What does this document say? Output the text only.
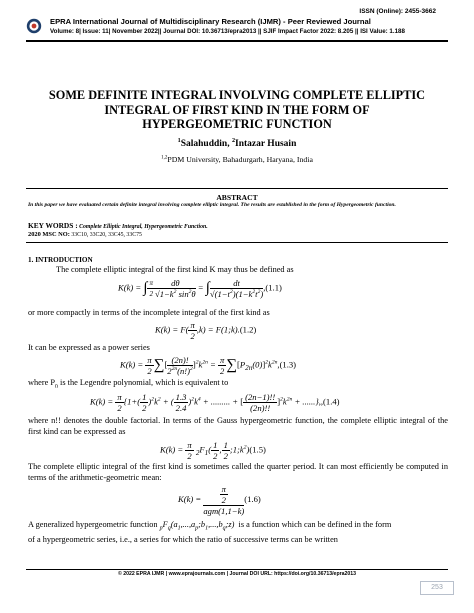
ISSN (Online): 2455-3662
EPRA International Journal of Multidisciplinary Research (IJMR) - Peer Reviewed Journal
Volume: 8| Issue: 11| November 2022|| Journal DOI: 10.36713/epra2013 || SJIF Impact Factor 2022: 8.205 || ISI Value: 1.188
SOME DEFINITE INTEGRAL INVOLVING COMPLETE ELLIPTIC
INTEGRAL OF FIRST KIND IN THE FORM OF
HYPERGEOMETRIC FUNCTION
$^1$Salahuddin, $^2$Intazar Husain
$^{1,2}$PDM University, Bahadurgarh, Haryana, India
ABSTRACT
In this paper we have evaluated certain definite integral involving complete elliptic integral. The results are established in the form of Hypergeometric function.
KEY WORDS : Complete Elliptic Integral, Hypergeometric Function.
2020 MSC NO: 33C10, 33C20, 33C45, 33C75
1. INTRODUCTION
The complete elliptic integral of the first kind K may thus be defined as
K(k) = ∫ $\frac{\pi}{2} \frac{d\theta}{√1-k^2 \sin^2\theta}$ = ∫ $\frac{dt}{√(1-t^2)(1-k^2t^2)} ,(1.1)$
or more compactly in terms of the incomplete integral of the first kind as
$K(k) = F( \frac{\pi}{2} ,k)$ = F(1;k).(1.2)
It can be expressed as a power series
$K(k) = \frac{\pi}{2}$ ∑[ $\frac{(2n)!}{2^{2n}(n!)^2} ]^2k^{2n} = \frac{\pi}{2} \sum[P_{2n}(0)]^2k^{2n},(1.3)$
where $P_n$ is the Legendre polynomial, which is equivalent to
$K(k) = \frac{\pi}{2} \{1+( \frac{1}{2} )^2k^2$ + ( $\frac{1.3}{2.4} )^2k^4$ + ......... + [ $\frac{(2n-1)!!}{(2n)!!} ]^2k^{2n} + ......\},,(1.4)$
where n!! denotes the double factorial. In terms of the Gauss hypergeometric function, the complete elliptic integral of the first kind can be expressed as
$K(k) = \frac{\pi}{2} _2F_1( \frac{1}{2}$ , $\frac{1}{2}$ $;1;k^2)(1.5)$
The complete elliptic integral of the first kind is sometimes called the quarter period. It can most efficiently be computed in terms of the arithmetic-geometric mean:
$K(k) = \frac{\frac{\pi}{2}}{\text{agm(1,1−k)}} (1.6)$
A generalized hypergeometric function $_pF_q(a_1,...,a_p;b_1,...,b_q;z)$ is a function which can be defined in the form
of a hypergeometric series, i.e., a series for which the ratio of successive terms can be written
© 2022 EPRA IJMR | www.eprajournals.com | Journal DOI URL: https://doi.org/10.36713/epra2013
253
